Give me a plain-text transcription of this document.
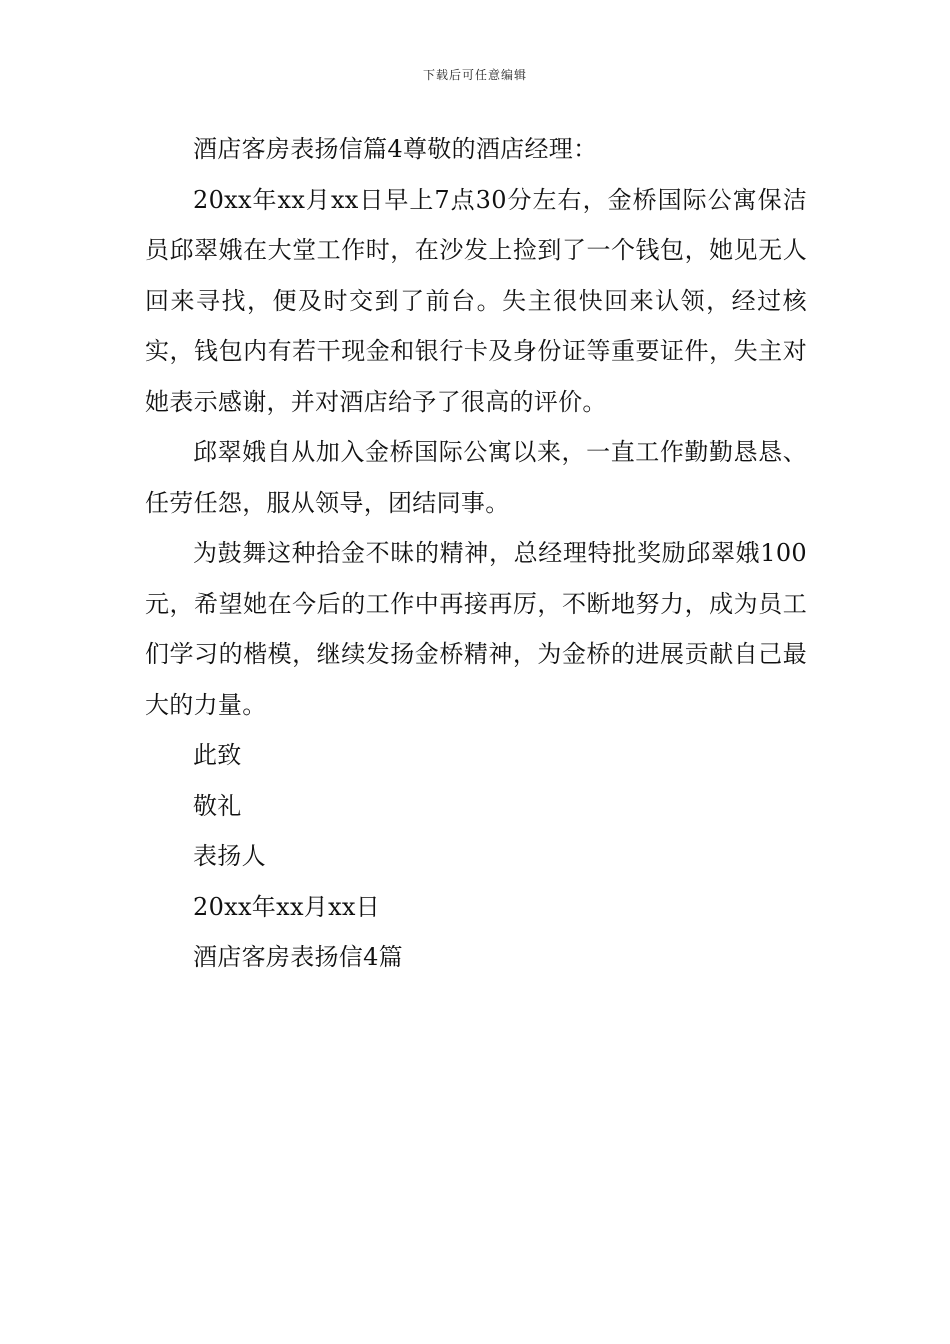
下载后可任意编辑

酒店客房表扬信篇4尊敬的酒店经理：

20xx年xx月xx日早上7点30分左右，金桥国际公寓保洁员邱翠娥在大堂工作时，在沙发上捡到了一个钱包，她见无人回来寻找，便及时交到了前台。失主很快回来认领，经过核实，钱包内有若干现金和银行卡及身份证等重要证件，失主对她表示感谢，并对酒店给予了很高的评价。

邱翠娥自从加入金桥国际公寓以来，一直工作勤勤恳恳、任劳任怨，服从领导，团结同事。

为鼓舞这种拾金不昧的精神，总经理特批奖励邱翠娥100元，希望她在今后的工作中再接再厉，不断地努力，成为员工们学习的楷模，继续发扬金桥精神，为金桥的进展贡献自己最大的力量。

此致
敬礼
表扬人
20xx年xx月xx日
酒店客房表扬信4篇
